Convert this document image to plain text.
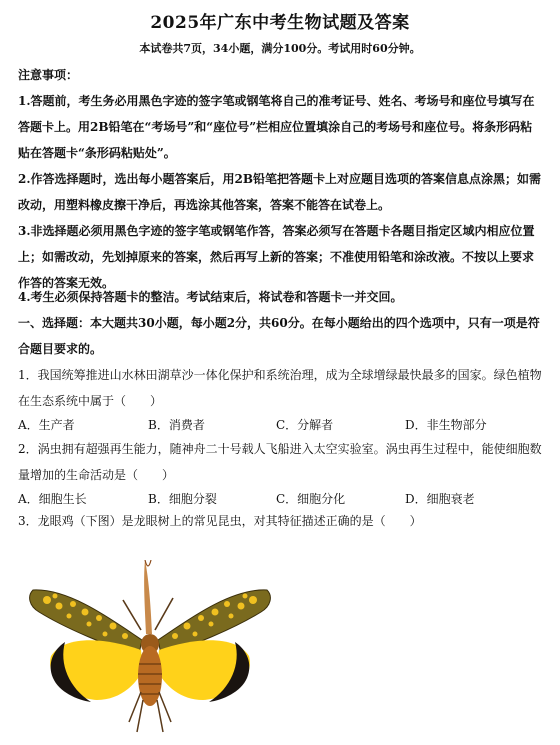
2025年广东中考生物试题及答案
本试卷共7页，34小题，满分100分。考试用时60分钟。
注意事项：
1.答题前，考生务必用黑色字迹的签字笔或钢笔将自己的准考证号、姓名、考场号和座位号填写在答题卡上。用2B铅笔在“考场号”和“座位号”栏相应位置填涂自己的考场号和座位号。将条形码粘贴在答题卡“条形码粘贴处”。
2.作答选择题时，选出每小题答案后，用2B铅笔把答题卡上对应题目选项的答案信息点涂黑；如需改动，用塑料橡皮擦干净后，再选涂其他答案，答案不能答在试卷上。
3.非选择题必须用黑色字迹的签字笔或钢笔作答，答案必须写在答题卡各题目指定区域内相应位置上；如需改动，先划掉原来的答案，然后再写上新的答案；不准使用铅笔和涂改液。不按以上要求作答的答案无效。
4.考生必须保持答题卡的整洁。考试结束后，将试卷和答题卡一并交回。
一、选择题：本大题共30小题，每小题2分，共60分。在每小题给出的四个选项中，只有一项是符合题目要求的。
1．我国统筹推进山水林田湖草沙一体化保护和系统治理，成为全球增绿最快最多的国家。绿色植物在生态系统中属于（　　）
A．生产者	B．消费者	C．分解者	D．非生物部分
2．涡虫拥有超强再生能力，随神舟二十号载人飞船进入太空实验室。涡虫再生过程中，能使细胞数量增加的生命活动是（　　）
A．细胞生长	B．细胞分裂	C．细胞分化	D．细胞衰老
3．龙眼鸡（下图）是龙眼树上的常见昆虫，对其特征描述正确的是（　　）
